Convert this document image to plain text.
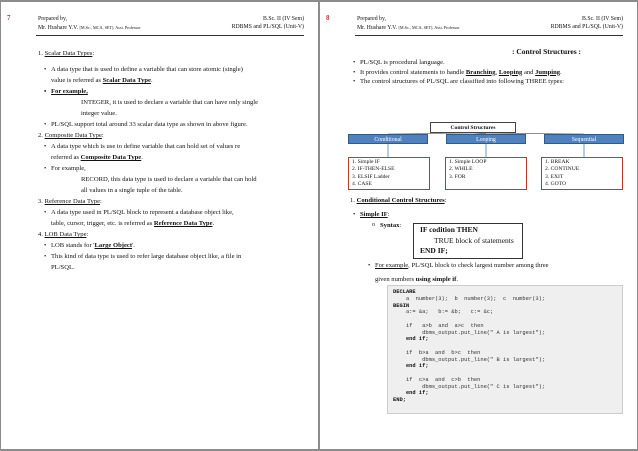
7	Prepared by,
Mr. Hushare Y.V. [M.Sc., MCA, SET], Asst. Professor
B.Sc. II (IV Sem)
RDBMS and PL/SQL (Unit-V)
1. Scalar Data Types:
• A data type that is used to define a variable that can store atomic (single)
value is referred as Scalar Data Type.
• For example,
INTEGER, it is used to declare a variable that can have only single
integer value.
• PL/SQL support total around 33 scalar data type as shown in above figure.
2. Composite Data Type:
• A data type which is use to define variable that can hold set of values re
referred as Composite Data Type.
• For example,
RECORD, this data type is used to declare a variable that can hold
all values in a single tuple of the table.
3. Reference Data Type:
• A data type used in PL/SQL block to represent a database object like,
table, cursor, trigger, etc. is referred as Reference Data Type.
4. LOB Data Type:
• LOB stands for 'Large Object'.
• This kind of data type is used to refer large database object like, a file in
PL/SQL.
8	Prepared by,
Mr. Hushare Y.V. [M.Sc., MCA, SET], Asst. Professor
B.Sc. II (IV Sem)
RDBMS and PL/SQL (Unit-V)
: Control Structures :
• PL/SQL is procedural language.
• It provides control statements to handle Branching, Looping and Jumping.
• The control structures of PL/SQL are classified into following THREE types:
Control Structures
Conditional	Looping	Sequential
1. Simple IF
2. IF-THEN-ELSE
3. ELSIF Ladder
4. CASE
1. Simple LOOP
2. WHILE
3. FOR
1. BREAK
2. CONTINUE
3. EXIT
4. GOTO
1. Conditional Control Structures:
• Simple IF:
o Syntax:	IF codition THEN
TRUE block of statements
END IF;
• For example, PL/SQL block to check largest number among three
given numbers using simple if.
DECLARE
a  number(3);  b  number(3);  c  number(3);
BEGIN
a:= &a;   b:= &b;   c:= &c;
if   a>b  and  a>c  then
dbms_output.put_line(" A is largest");
end if;
if  b>a  and  b>c  then
dbms_output.put_line(" B is largest");
end if;
if  c>a  and  c>b  then
dbms_output.put_line(" C is largest");
end if;
END;
